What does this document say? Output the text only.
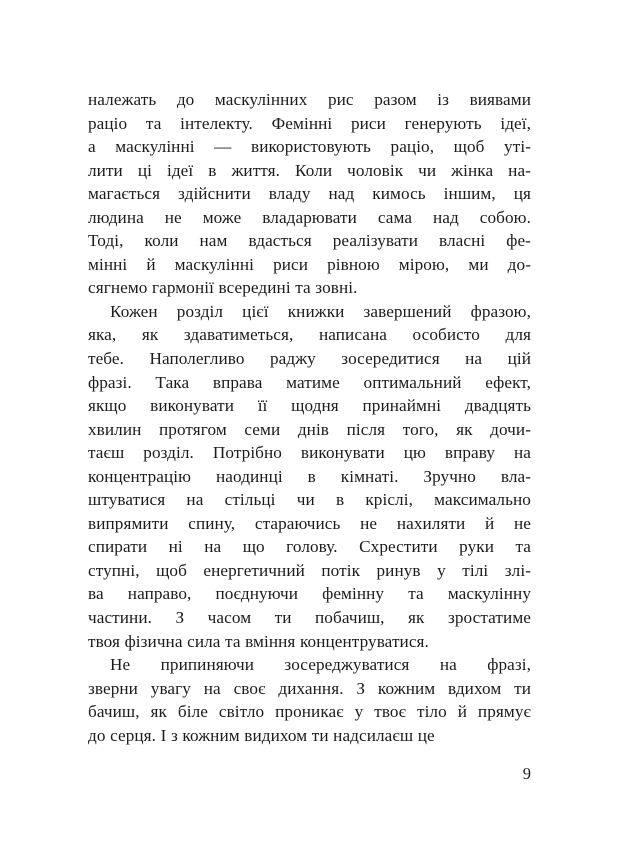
належать до маскулінних рис разом із виявами
раціо та інтелекту. Фемінні риси генерують ідеї,
а маскулінні — використовують раціо, щоб уті-
лити ці ідеї в життя. Коли чоловік чи жінка на-
магається здійснити владу над кимось іншим, ця
людина не може владарювати сама над собою.
Тоді, коли нам вдасться реалізувати власні фе-
мінні й маскулінні риси рівною мірою, ми до-
сягнемо гармонії всередині та зовні.
Кожен розділ цієї книжки завершений фразою,
яка, як здаватиметься, написана особисто для
тебе. Наполегливо раджу зосередитися на цій
фразі. Така вправа матиме оптимальний ефект,
якщо виконувати її щодня принаймні двадцять
хвилин протягом семи днів після того, як дочи-
таєш розділ. Потрібно виконувати цю вправу на
концентрацію наодинці в кімнаті. Зручно вла-
штуватися на стільці чи в кріслі, максимально
випрямити спину, стараючись не нахиляти й не
спирати ні на що голову. Схрестити руки та
ступні, щоб енергетичний потік ринув у тілі злі-
ва направо, поєднуючи фемінну та маскулінну
частини. З часом ти побачиш, як зростатиме
твоя фізична сила та вміння концентруватися.
Не припиняючи зосереджуватися на фразі,
зверни увагу на своє дихання. З кожним вдихом ти
бачиш, як біле світло проникає у твоє тіло й прямує
до серця. І з кожним видихом ти надсилаєш це
9
